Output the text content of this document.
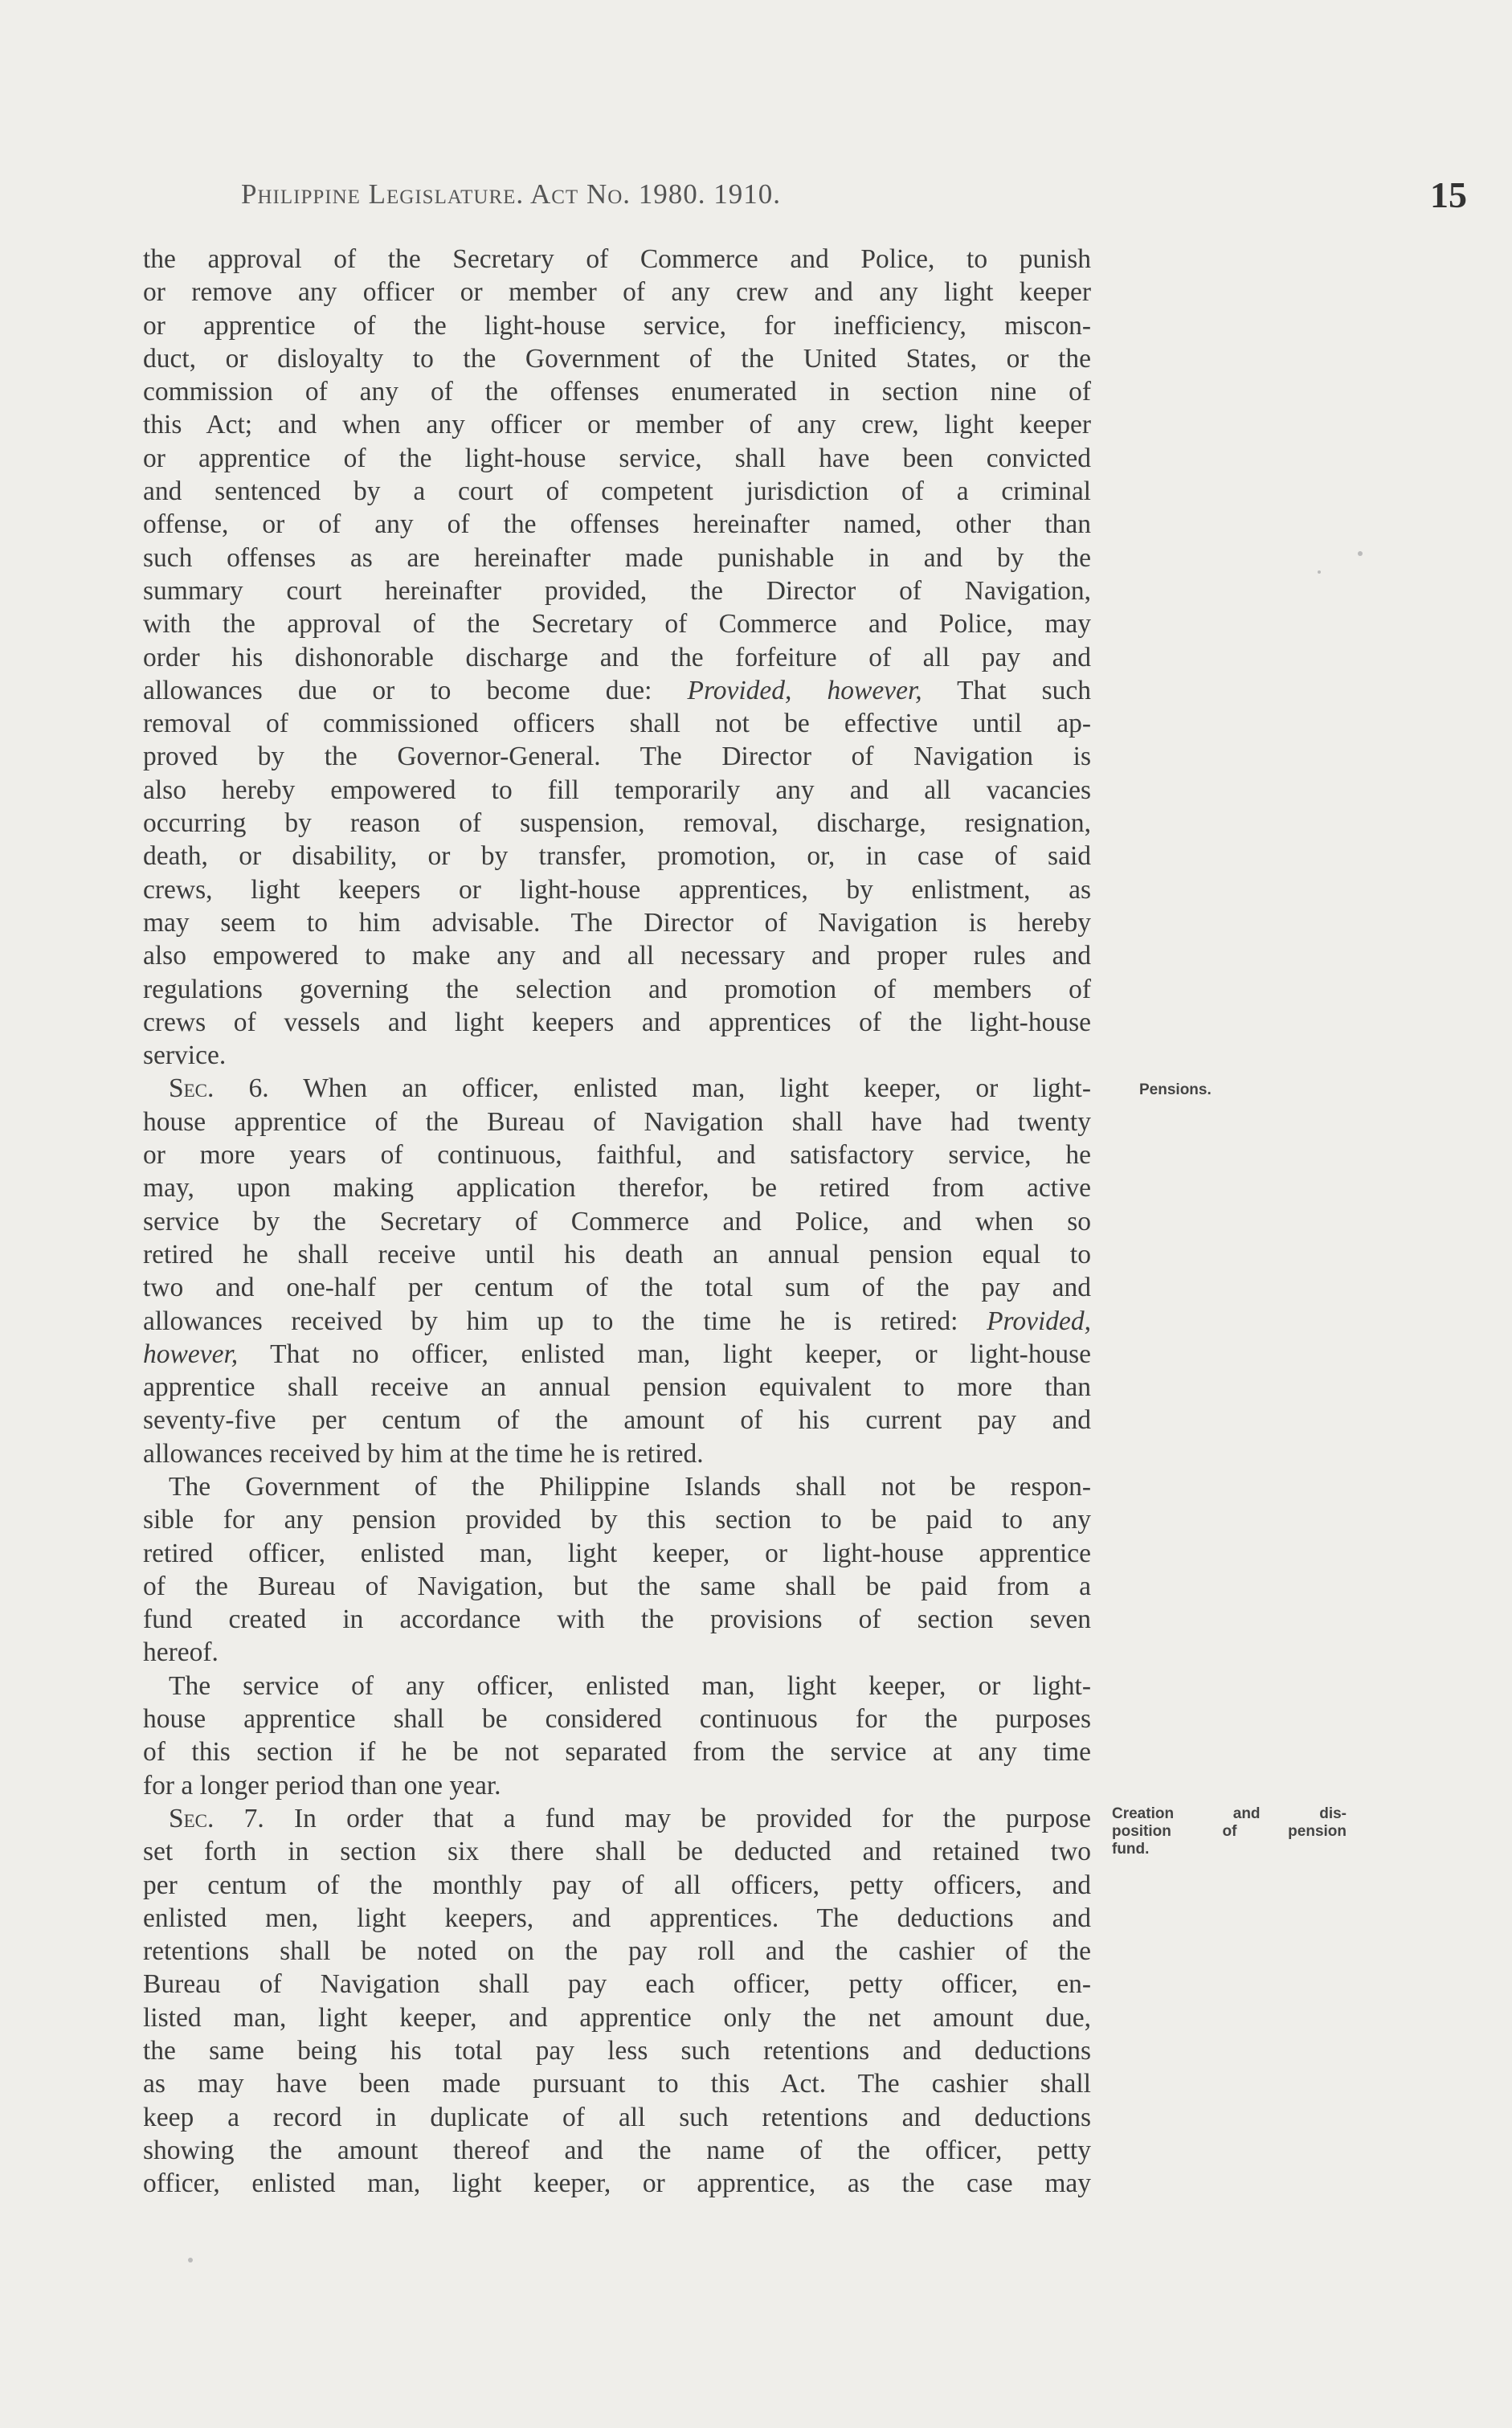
Philippine Legislature. Act No. 1980. 1910.	15
the approval of the Secretary of Commerce and Police, to punish
or remove any officer or member of any crew and any light keeper
or apprentice of the light-house service, for inefficiency, miscon-
duct, or disloyalty to the Government of the United States, or the
commission of any of the offenses enumerated in section nine of
this Act; and when any officer or member of any crew, light keeper
or apprentice of the light-house service, shall have been convicted
and sentenced by a court of competent jurisdiction of a criminal
offense, or of any of the offenses hereinafter named, other than
such offenses as are hereinafter made punishable in and by the
summary court hereinafter provided, the Director of Navigation,
with the approval of the Secretary of Commerce and Police, may
order his dishonorable discharge and the forfeiture of all pay and
allowances due or to become due: Provided, however, That such
removal of commissioned officers shall not be effective until ap-
proved by the Governor-General. The Director of Navigation is
also hereby empowered to fill temporarily any and all vacancies
occurring by reason of suspension, removal, discharge, resignation,
death, or disability, or by transfer, promotion, or, in case of said
crews, light keepers or light-house apprentices, by enlistment, as
may seem to him advisable. The Director of Navigation is hereby
also empowered to make any and all necessary and proper rules and
regulations governing the selection and promotion of members of
crews of vessels and light keepers and apprentices of the light-house
service.
Sec. 6. When an officer, enlisted man, light keeper, or light-
house apprentice of the Bureau of Navigation shall have had twenty
or more years of continuous, faithful, and satisfactory service, he
may, upon making application therefor, be retired from active
service by the Secretary of Commerce and Police, and when so
retired he shall receive until his death an annual pension equal to
two and one-half per centum of the total sum of the pay and
allowances received by him up to the time he is retired: Provided,
however, That no officer, enlisted man, light keeper, or light-house
apprentice shall receive an annual pension equivalent to more than
seventy-five per centum of the amount of his current pay and
allowances received by him at the time he is retired.
The Government of the Philippine Islands shall not be respon-
sible for any pension provided by this section to be paid to any
retired officer, enlisted man, light keeper, or light-house apprentice
of the Bureau of Navigation, but the same shall be paid from a
fund created in accordance with the provisions of section seven
hereof.
The service of any officer, enlisted man, light keeper, or light-
house apprentice shall be considered continuous for the purposes
of this section if he be not separated from the service at any time
for a longer period than one year.
Sec. 7. In order that a fund may be provided for the purpose
set forth in section six there shall be deducted and retained two
per centum of the monthly pay of all officers, petty officers, and
enlisted men, light keepers, and apprentices. The deductions and
retentions shall be noted on the pay roll and the cashier of the
Bureau of Navigation shall pay each officer, petty officer, en-
listed man, light keeper, and apprentice only the net amount due,
the same being his total pay less such retentions and deductions
as may have been made pursuant to this Act. The cashier shall
keep a record in duplicate of all such retentions and deductions
showing the amount thereof and the name of the officer, petty
officer, enlisted man, light keeper, or apprentice, as the case may
Pensions.
Creation and dis-
position of pension
fund.
